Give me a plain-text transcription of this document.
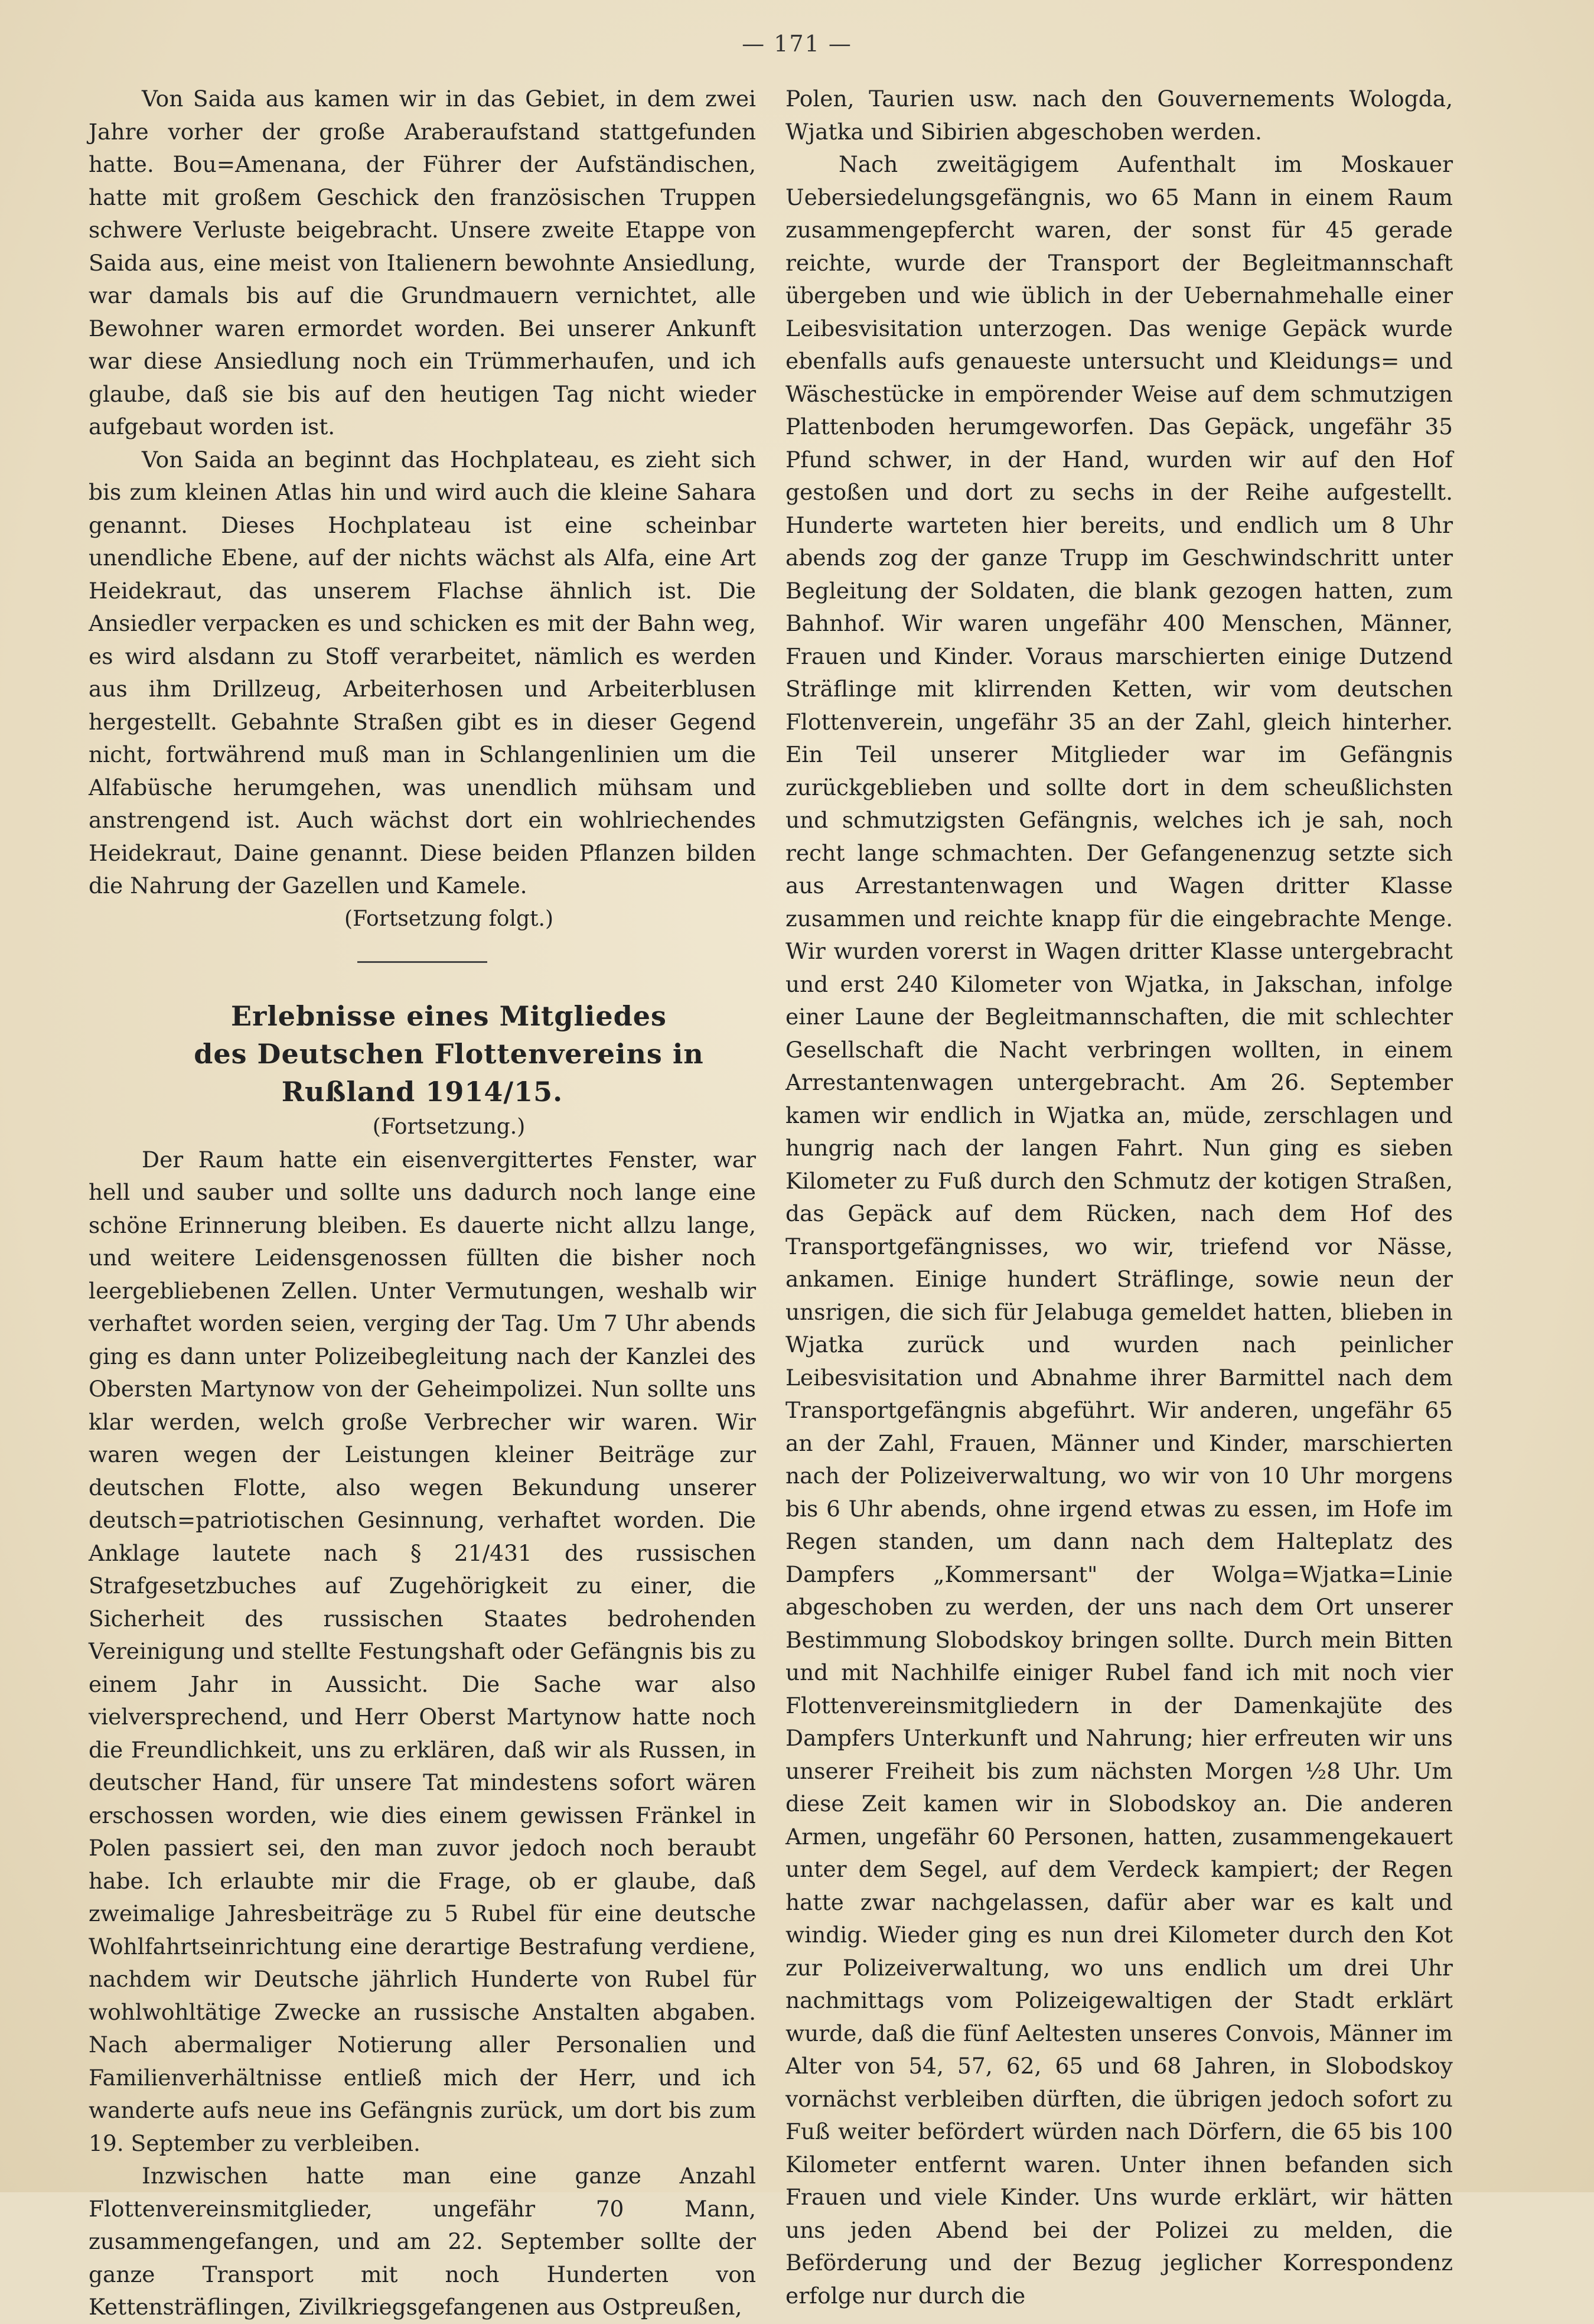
— 171 —

Von Saida aus kamen wir in das Gebiet, in dem zwei Jahre vorher der große Araberaufstand stattgefunden hatte. Bou=Amenana, der Führer der Aufständischen, hatte mit großem Geschick den französischen Truppen schwere Verluste beigebracht. Unsere zweite Etappe von Saida aus, eine meist von Italienern bewohnte Ansiedlung, war damals bis auf die Grundmauern vernichtet, alle Bewohner waren ermordet worden. Bei unserer Ankunft war diese Ansiedlung noch ein Trümmerhaufen, und ich glaube, daß sie bis auf den heutigen Tag nicht wieder aufgebaut worden ist.

Von Saida an beginnt das Hochplateau, es zieht sich bis zum kleinen Atlas hin und wird auch die kleine Sahara genannt. Dieses Hochplateau ist eine scheinbar unendliche Ebene, auf der nichts wächst als Alfa, eine Art Heidekraut, das unserem Flachse ähnlich ist. Die Ansiedler verpacken es und schicken es mit der Bahn weg, es wird alsdann zu Stoff verarbeitet, nämlich es werden aus ihm Drillzeug, Arbeiterhosen und Arbeiterblusen hergestellt. Gebahnte Straßen gibt es in dieser Gegend nicht, fortwährend muß man in Schlangenlinien um die Alfabüsche herumgehen, was unendlich mühsam und anstrengend ist. Auch wächst dort ein wohlriechendes Heidekraut, Daine genannt. Diese beiden Pflanzen bilden die Nahrung der Gazellen und Kamele.

(Fortsetzung folgt.)

Erlebnisse eines Mitgliedes

des Deutschen Flottenvereins in Rußland 1914/15.

(Fortsetzung.)

Der Raum hatte ein eisenvergittertes Fenster, war hell und sauber und sollte uns dadurch noch lange eine schöne Erinnerung bleiben. Es dauerte nicht allzu lange, und weitere Leidensgenossen füllten die bisher noch leergebliebenen Zellen. Unter Vermutungen, weshalb wir verhaftet worden seien, verging der Tag. Um 7 Uhr abends ging es dann unter Polizeibegleitung nach der Kanzlei des Obersten Martynow von der Geheimpolizei. Nun sollte uns klar werden, welch große Verbrecher wir waren. Wir waren wegen der Leistungen kleiner Beiträge zur deutschen Flotte, also wegen Bekundung unserer deutsch=patriotischen Gesinnung, verhaftet worden. Die Anklage lautete nach § 21/431 des russischen Strafgesetzbuches auf Zugehörigkeit zu einer, die Sicherheit des russischen Staates bedrohenden Vereinigung und stellte Festungshaft oder Gefängnis bis zu einem Jahr in Aussicht. Die Sache war also vielversprechend, und Herr Oberst Martynow hatte noch die Freundlichkeit, uns zu erklären, daß wir als Russen, in deutscher Hand, für unsere Tat mindestens sofort wären erschossen worden, wie dies einem gewissen Fränkel in Polen passiert sei, den man zuvor jedoch noch beraubt habe. Ich erlaubte mir die Frage, ob er glaube, daß zweimalige Jahresbeiträge zu 5 Rubel für eine deutsche Wohlfahrtseinrichtung eine derartige Bestrafung verdiene, nachdem wir Deutsche jährlich Hunderte von Rubel für wohlwohltätige Zwecke an russische Anstalten abgaben. Nach abermaliger Notierung aller Personalien und Familienverhältnisse entließ mich der Herr, und ich wanderte aufs neue ins Gefängnis zurück, um dort bis zum 19. September zu verbleiben.

Inzwischen hatte man eine ganze Anzahl Flottenvereinsmitglieder, ungefähr 70 Mann, zusammengefangen, und am 22. September sollte der ganze Transport mit noch Hunderten von Kettensträflingen, Zivilkriegsgefangenen aus Ostpreußen,

Polen, Taurien usw. nach den Gouvernements Wologda, Wjatka und Sibirien abgeschoben werden.

Nach zweitägigem Aufenthalt im Moskauer Uebersiedelungsgefängnis, wo 65 Mann in einem Raum zusammengepfercht waren, der sonst für 45 gerade reichte, wurde der Transport der Begleitmannschaft übergeben und wie üblich in der Uebernahmehalle einer Leibesvisitation unterzogen. Das wenige Gepäck wurde ebenfalls aufs genaueste untersucht und Kleidungs= und Wäschestücke in empörender Weise auf dem schmutzigen Plattenboden herumgeworfen. Das Gepäck, ungefähr 35 Pfund schwer, in der Hand, wurden wir auf den Hof gestoßen und dort zu sechs in der Reihe aufgestellt. Hunderte warteten hier bereits, und endlich um 8 Uhr abends zog der ganze Trupp im Geschwindschritt unter Begleitung der Soldaten, die blank gezogen hatten, zum Bahnhof. Wir waren ungefähr 400 Menschen, Männer, Frauen und Kinder. Voraus marschierten einige Dutzend Sträflinge mit klirrenden Ketten, wir vom deutschen Flottenverein, ungefähr 35 an der Zahl, gleich hinterher. Ein Teil unserer Mitglieder war im Gefängnis zurückgeblieben und sollte dort in dem scheußlichsten und schmutzigsten Gefängnis, welches ich je sah, noch recht lange schmachten. Der Gefangenenzug setzte sich aus Arrestantenwagen und Wagen dritter Klasse zusammen und reichte knapp für die eingebrachte Menge. Wir wurden vorerst in Wagen dritter Klasse untergebracht und erst 240 Kilometer von Wjatka, in Jakschan, infolge einer Laune der Begleitmannschaften, die mit schlechter Gesellschaft die Nacht verbringen wollten, in einem Arrestantenwagen untergebracht. Am 26. September kamen wir endlich in Wjatka an, müde, zerschlagen und hungrig nach der langen Fahrt. Nun ging es sieben Kilometer zu Fuß durch den Schmutz der kotigen Straßen, das Gepäck auf dem Rücken, nach dem Hof des Transportgefängnisses, wo wir, triefend vor Nässe, ankamen. Einige hundert Sträflinge, sowie neun der unsrigen, die sich für Jelabuga gemeldet hatten, blieben in Wjatka zurück und wurden nach peinlicher Leibesvisitation und Abnahme ihrer Barmittel nach dem Transportgefängnis abgeführt. Wir anderen, ungefähr 65 an der Zahl, Frauen, Männer und Kinder, marschierten nach der Polizeiverwaltung, wo wir von 10 Uhr morgens bis 6 Uhr abends, ohne irgend etwas zu essen, im Hofe im Regen standen, um dann nach dem Halteplatz des Dampfers „Kommersant" der Wolga=Wjatka=Linie abgeschoben zu werden, der uns nach dem Ort unserer Bestimmung Slobodskoy bringen sollte. Durch mein Bitten und mit Nachhilfe einiger Rubel fand ich mit noch vier Flottenvereinsmitgliedern in der Damenkajüte des Dampfers Unterkunft und Nahrung; hier erfreuten wir uns unserer Freiheit bis zum nächsten Morgen ½8 Uhr. Um diese Zeit kamen wir in Slobodskoy an. Die anderen Armen, ungefähr 60 Personen, hatten, zusammengekauert unter dem Segel, auf dem Verdeck kampiert; der Regen hatte zwar nachgelassen, dafür aber war es kalt und windig. Wieder ging es nun drei Kilometer durch den Kot zur Polizeiverwaltung, wo uns endlich um drei Uhr nachmittags vom Polizeigewaltigen der Stadt erklärt wurde, daß die fünf Aeltesten unseres Convois, Männer im Alter von 54, 57, 62, 65 und 68 Jahren, in Slobodskoy vornächst verbleiben dürften, die übrigen jedoch sofort zu Fuß weiter befördert würden nach Dörfern, die 65 bis 100 Kilometer entfernt waren. Unter ihnen befanden sich Frauen und viele Kinder. Uns wurde erklärt, wir hätten uns jeden Abend bei der Polizei zu melden, die Beförderung und der Bezug jeglicher Korrespondenz erfolge nur durch die
